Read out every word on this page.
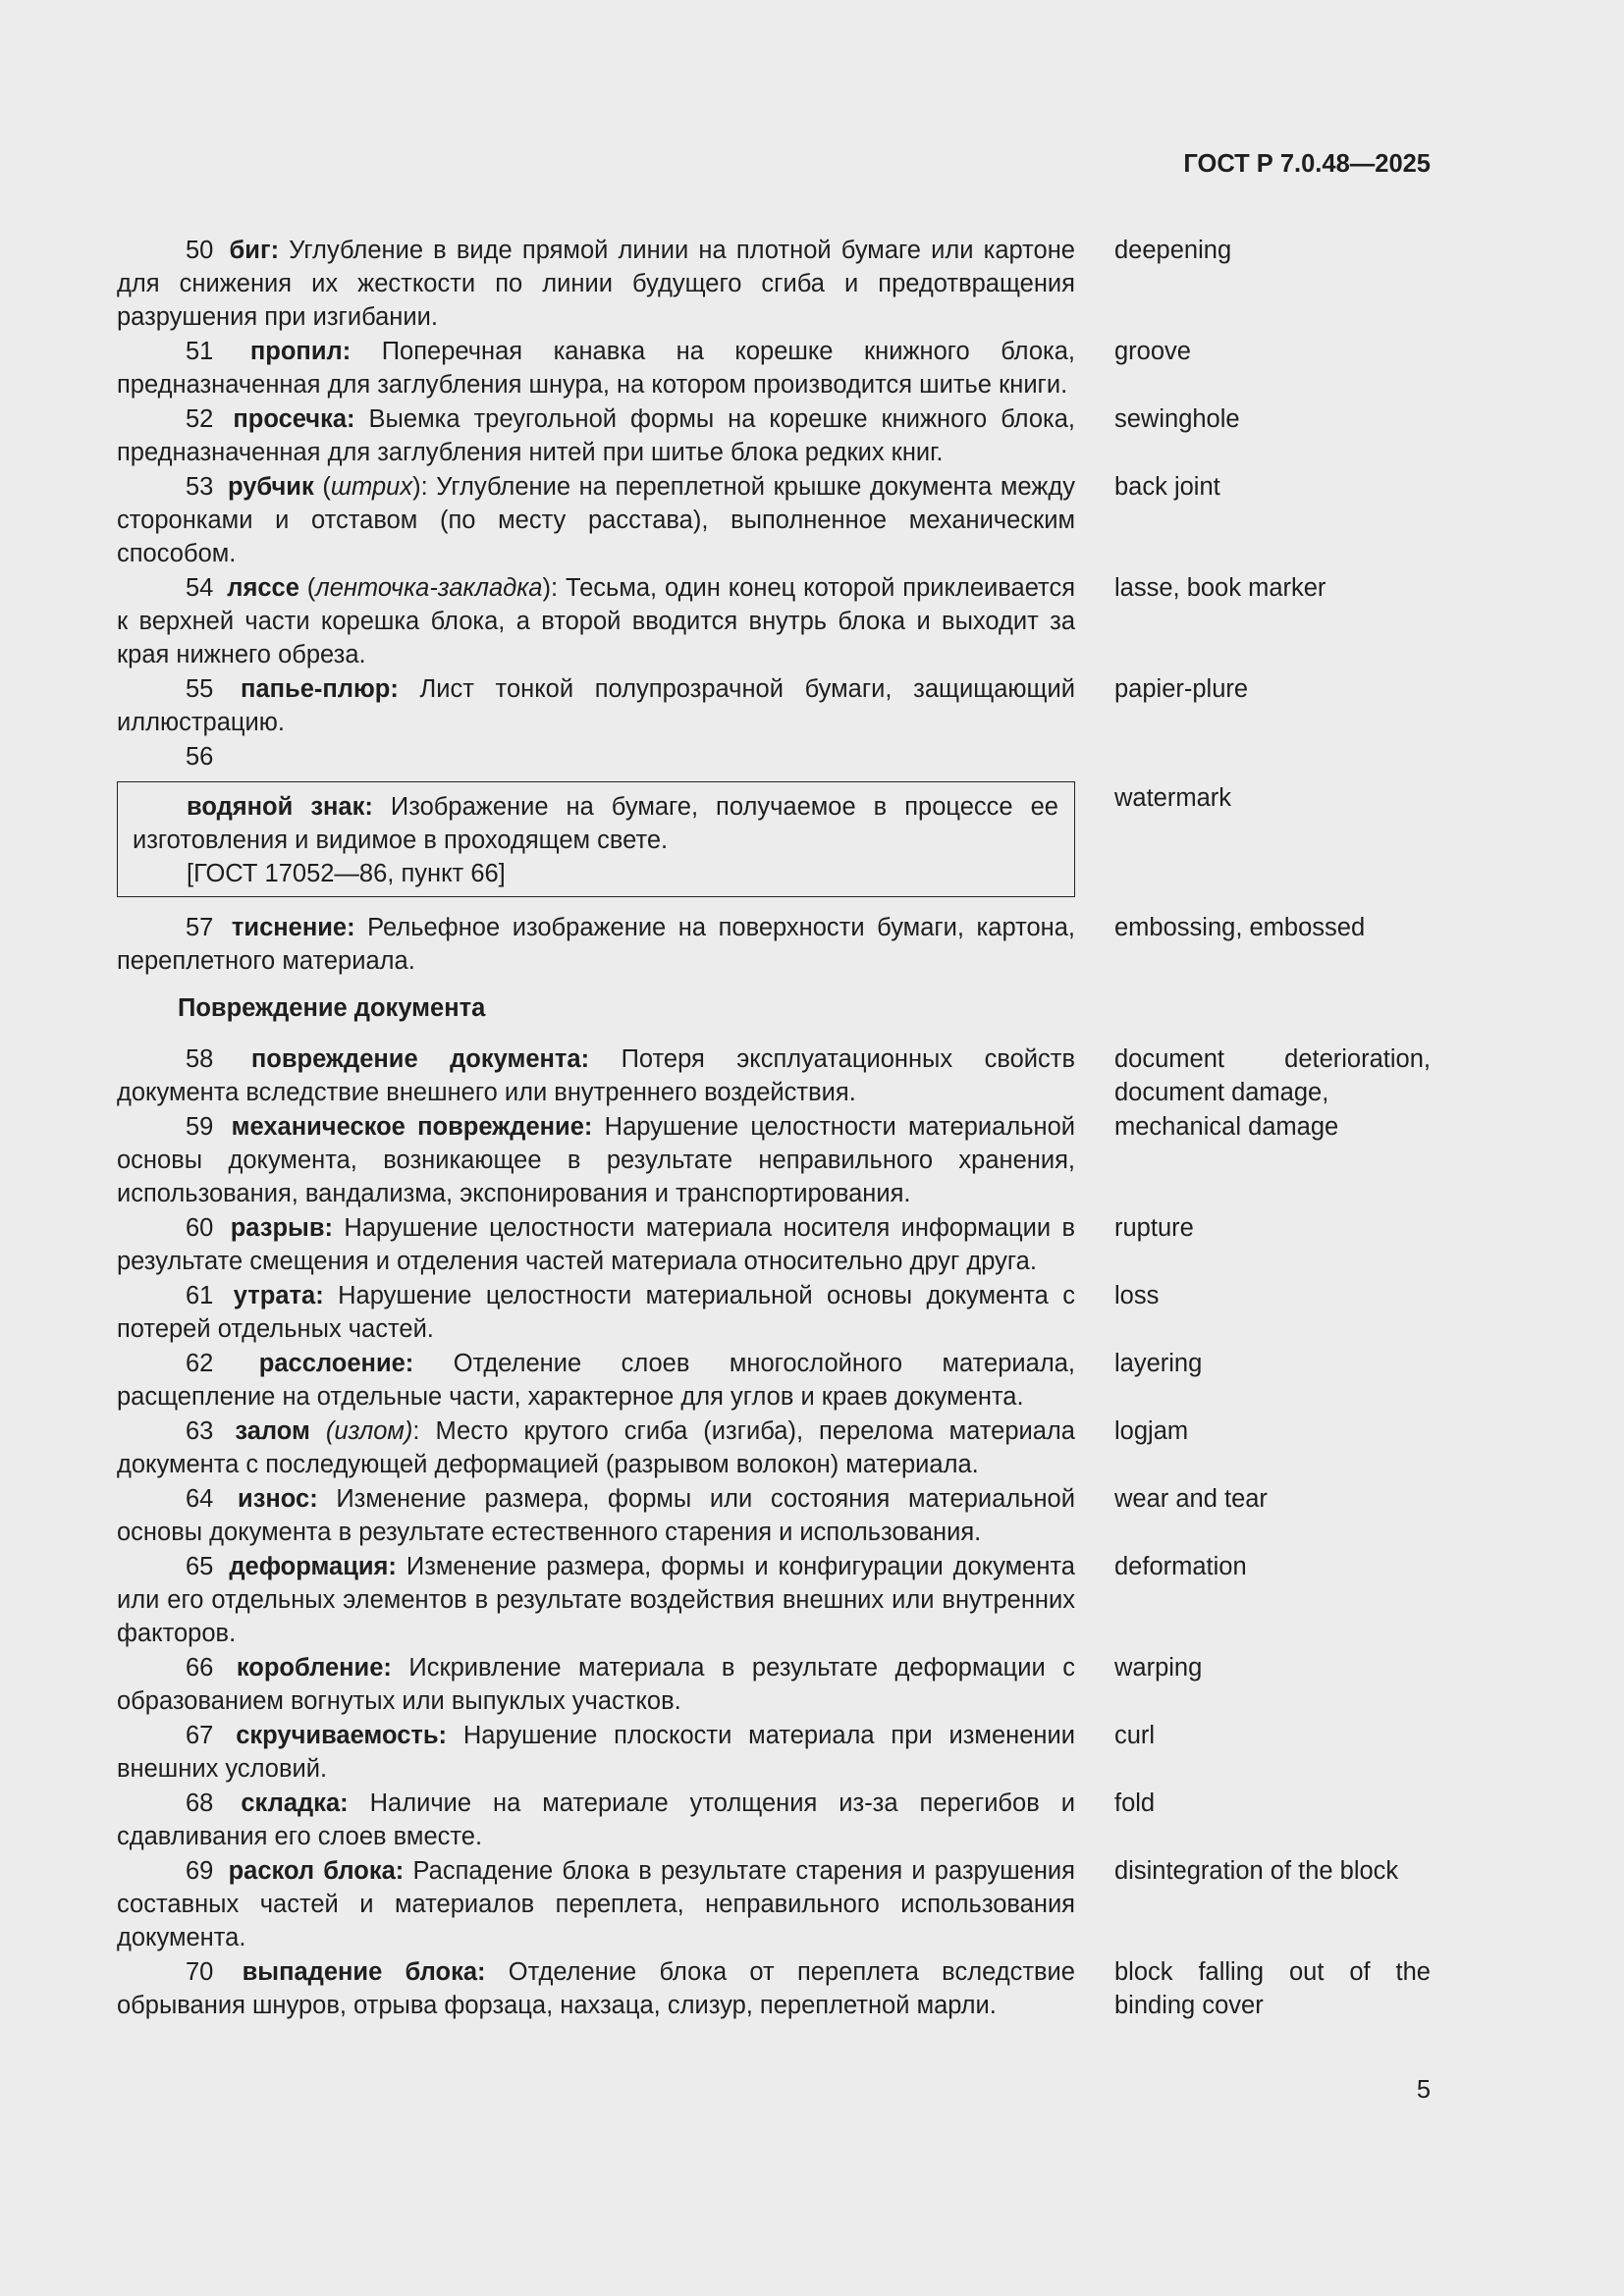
ГОСТ Р 7.0.48—2025
50 биг: Углубление в виде прямой линии на плотной бумаге или картоне для снижения их жесткости по линии будущего сгиба и предотвращения разрушения при изгибании.
deepening
51 пропил: Поперечная канавка на корешке книжного блока, предназначенная для заглубления шнура, на котором производится шитье книги.
groove
52 просечка: Выемка треугольной формы на корешке книжного блока, предназначенная для заглубления нитей при шитье блока редких книг.
sewinghole
53 рубчик (штрих): Углубление на переплетной крышке документа между сторонками и отставом (по месту расстава), выполненное механическим способом.
back joint
54 ляссе (ленточка-закладка): Тесьма, один конец которой приклеивается к верхней части корешка блока, а второй вводится внутрь блока и выходит за края нижнего обреза.
lasse, book marker
55 папье-плюр: Лист тонкой полупрозрачной бумаги, защищающий иллюстрацию.
papier-plure
56
водяной знак: Изображение на бумаге, получаемое в процессе ее изготовления и видимое в проходящем свете.
[ГОСТ 17052—86, пункт 66]
watermark
57 тиснение: Рельефное изображение на поверхности бумаги, картона, переплетного материала.
embossing, embossed
Повреждение документа
58 повреждение документа: Потеря эксплуатационных свойств документа вследствие внешнего или внутреннего воздействия.
document deterioration, document damage,
59 механическое повреждение: Нарушение целостности материальной основы документа, возникающее в результате неправильного хранения, использования, вандализма, экспонирования и транспортирования.
mechanical damage
60 разрыв: Нарушение целостности материала носителя информации в результате смещения и отделения частей материала относительно друг друга.
rupture
61 утрата: Нарушение целостности материальной основы документа с потерей отдельных частей.
loss
62 расслоение: Отделение слоев многослойного материала, расщепление на отдельные части, характерное для углов и краев документа.
layering
63 залом (излом): Место крутого сгиба (изгиба), перелома материала документа с последующей деформацией (разрывом волокон) материала.
logjam
64 износ: Изменение размера, формы или состояния материальной основы документа в результате естественного старения и использования.
wear and tear
65 деформация: Изменение размера, формы и конфигурации документа или его отдельных элементов в результате воздействия внешних или внутренних факторов.
deformation
66 коробление: Искривление материала в результате деформации с образованием вогнутых или выпуклых участков.
warping
67 скручиваемость: Нарушение плоскости материала при изменении внешних условий.
curl
68 складка: Наличие на материале утолщения из-за перегибов и сдавливания его слоев вместе.
fold
69 раскол блока: Распадение блока в результате старения и разрушения составных частей и материалов переплета, неправильного использования документа.
disintegration of the block
70 выпадение блока: Отделение блока от переплета вследствие обрывания шнуров, отрыва форзаца, нахзаца, слизур, переплетной марли.
block falling out of the binding cover
5
